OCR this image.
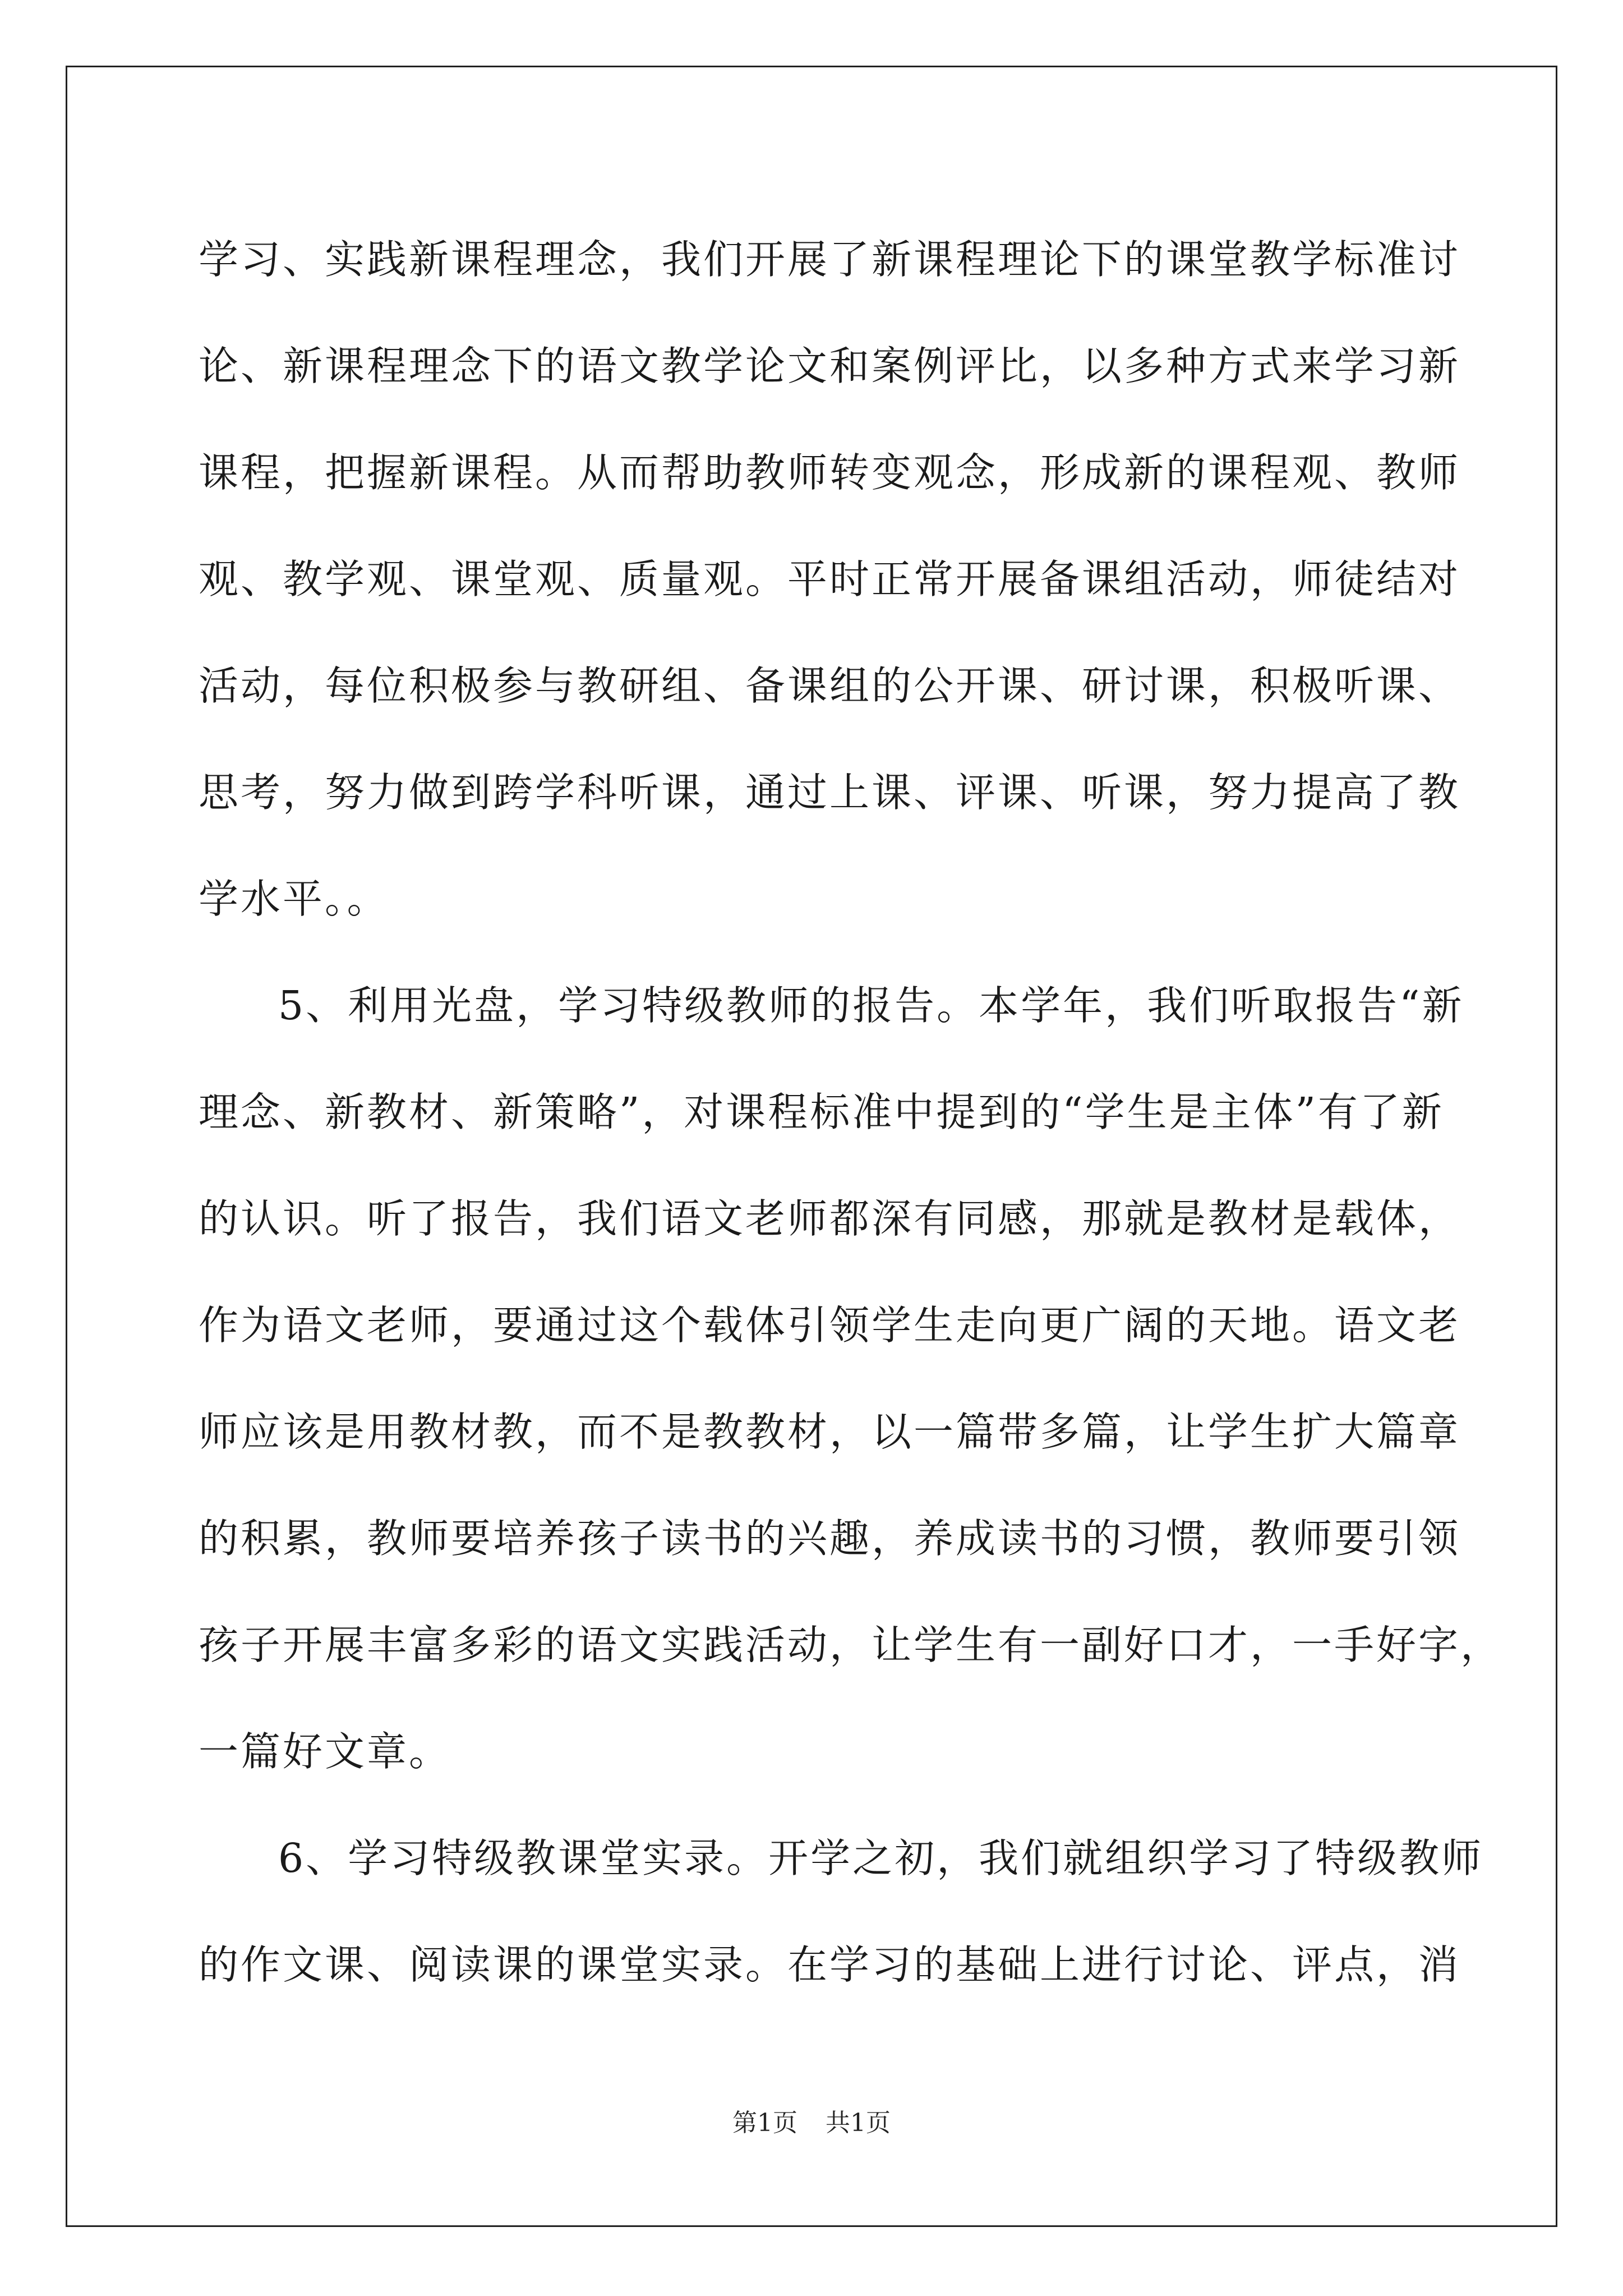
学习、实践新课程理念，我们开展了新课程理论下的课堂教学标准讨
论、新课程理念下的语文教学论文和案例评比，以多种方式来学习新
课程，把握新课程。从而帮助教师转变观念，形成新的课程观、教师
观、教学观、课堂观、质量观。平时正常开展备课组活动，师徒结对
活动，每位积极参与教研组、备课组的公开课、研讨课，积极听课、
思考，努力做到跨学科听课，通过上课、评课、听课，努力提高了教
学水平。。
5、利用光盘，学习特级教师的报告。本学年，我们听取报告“新
理念、新教材、新策略”，对课程标准中提到的“学生是主体”有了新
的认识。听了报告，我们语文老师都深有同感，那就是教材是载体，
作为语文老师，要通过这个载体引领学生走向更广阔的天地。语文老
师应该是用教材教，而不是教教材，以一篇带多篇，让学生扩大篇章
的积累，教师要培养孩子读书的兴趣，养成读书的习惯，教师要引领
孩子开展丰富多彩的语文实践活动，让学生有一副好口才，一手好字，
一篇好文章。
6、学习特级教课堂实录。开学之初，我们就组织学习了特级教师
的作文课、阅读课的课堂实录。在学习的基础上进行讨论、评点，消
第1页 共1页
